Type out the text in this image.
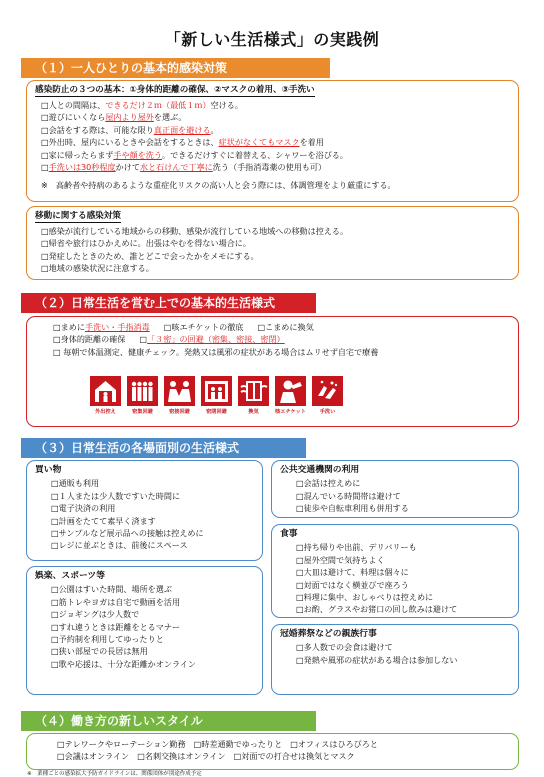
「新しい生活様式」の実践例
（１）一人ひとりの基本的感染対策
感染防止の３つの基本：①身体的距離の確保、②マスクの着用、③手洗い
□人との間隔は、できるだけ２ｍ（最低１ｍ）空ける。
□遊びにいくなら屋内より屋外を選ぶ。
□会話をする際は、可能な限り真正面を避ける。
□外出時、屋内にいるときや会話をするときは、症状がなくてもマスクを着用
□家に帰ったらまず手や顔を洗う。できるだけすぐに着替える、シャワーを浴びる。
□手洗いは30秒程度かけて水と石けんで丁寧に洗う（手指消毒薬の使用も可）
※　高齢者や持病のあるような重症化リスクの高い人と会う際には、体調管理をより厳重にする。
移動に関する感染対策
□感染が流行している地域からの移動、感染が流行している地域への移動は控える。
□帰省や旅行はひかえめに。出張はやむを得ない場合に。
□発症したときのため、誰とどこで会ったかをメモにする。
□地域の感染状況に注意する。
（２）日常生活を営む上での基本的生活様式
□まめに手洗い・手指消毒 □咳エチケットの徹底 □こまめに換気
□身体的距離の確保 □「３密」の回避（密集、密接、密閉）
□ 毎朝で体温測定、健康チェック。発熱又は風邪の症状がある場合はムリせず自宅で療養
外出控え	密集回避	密接回避	密閉回避	換気	咳エチケット	手洗い
（３）日常生活の各場面別の生活様式
買い物
□通販も利用
□１人または少人数ですいた時間に
□電子決済の利用
□計画をたてて素早く済ます
□サンプルなど展示品への接触は控えめに
□レジに並ぶときは、前後にスペース
娯楽、スポーツ等
□公園はすいた時間、場所を選ぶ
□筋トレやヨガは自宅で動画を活用
□ジョギングは少人数で
□すれ違うときは距離をとるマナー
□予約制を利用してゆったりと
□狭い部屋での長居は無用
□歌や応援は、十分な距離かオンライン
公共交通機関の利用
□会話は控えめに
□混んでいる時間帯は避けて
□徒歩や自転車利用も併用する
食事
□持ち帰りや出前、デリバリーも
□屋外空間で気持ちよく
□大皿は避けて、料理は個々に
□対面ではなく横並びで座ろう
□料理に集中、おしゃべりは控えめに
□お酌、グラスやお猪口の回し飲みは避けて
冠婚葬祭などの親族行事
□多人数での会食は避けて
□発熱や風邪の症状がある場合は参加しない
（４）働き方の新しいスタイル
□テレワークやローテーション勤務　□時差通勤でゆったりと　□オフィスはひろびろと
□会議はオンライン　□名刺交換はオンライン　□対面での打合せは換気とマスク
※　業種ごとの感染拡大予防ガイドラインは、関係団体が別途作成予定
